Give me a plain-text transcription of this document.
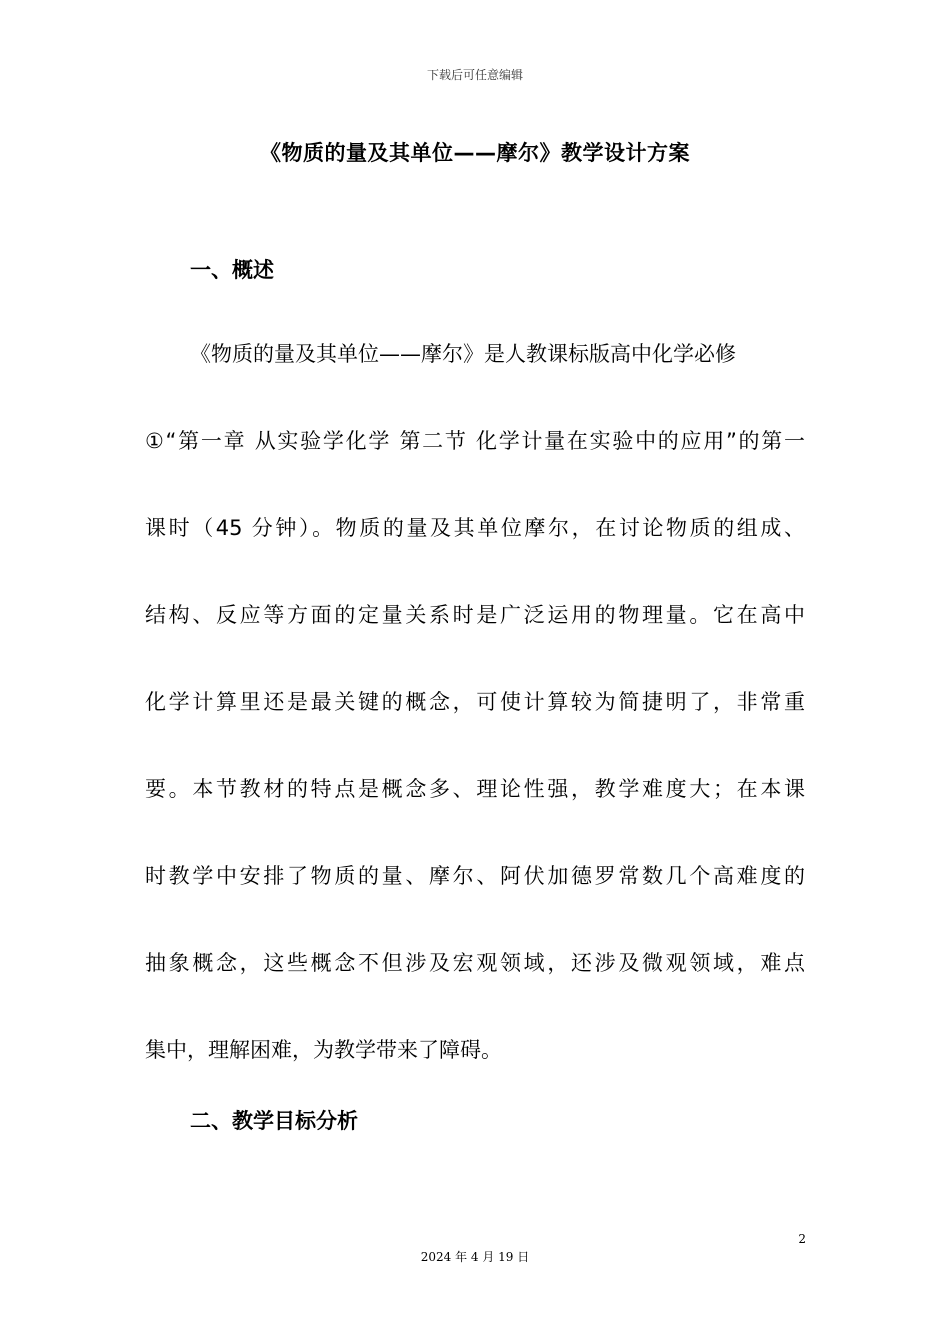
下载后可任意编辑
《物质的量及其单位——摩尔》教学设计方案
一、概述
《物质的量及其单位——摩尔》是人教课标版高中化学必修
①“第一章 从实验学化学 第二节 化学计量在实验中的应用”的第一
课时（45 分钟）。物质的量及其单位摩尔，在讨论物质的组成、
结构、反应等方面的定量关系时是广泛运用的物理量。它在高中
化学计算里还是最关键的概念，可使计算较为简捷明了，非常重
要。本节教材的特点是概念多、理论性强，教学难度大；在本课
时教学中安排了物质的量、摩尔、阿伏加德罗常数几个高难度的
抽象概念，这些概念不但涉及宏观领域，还涉及微观领域，难点
集中，理解困难，为教学带来了障碍。
二、教学目标分析
2
2024 年 4 月 19 日
